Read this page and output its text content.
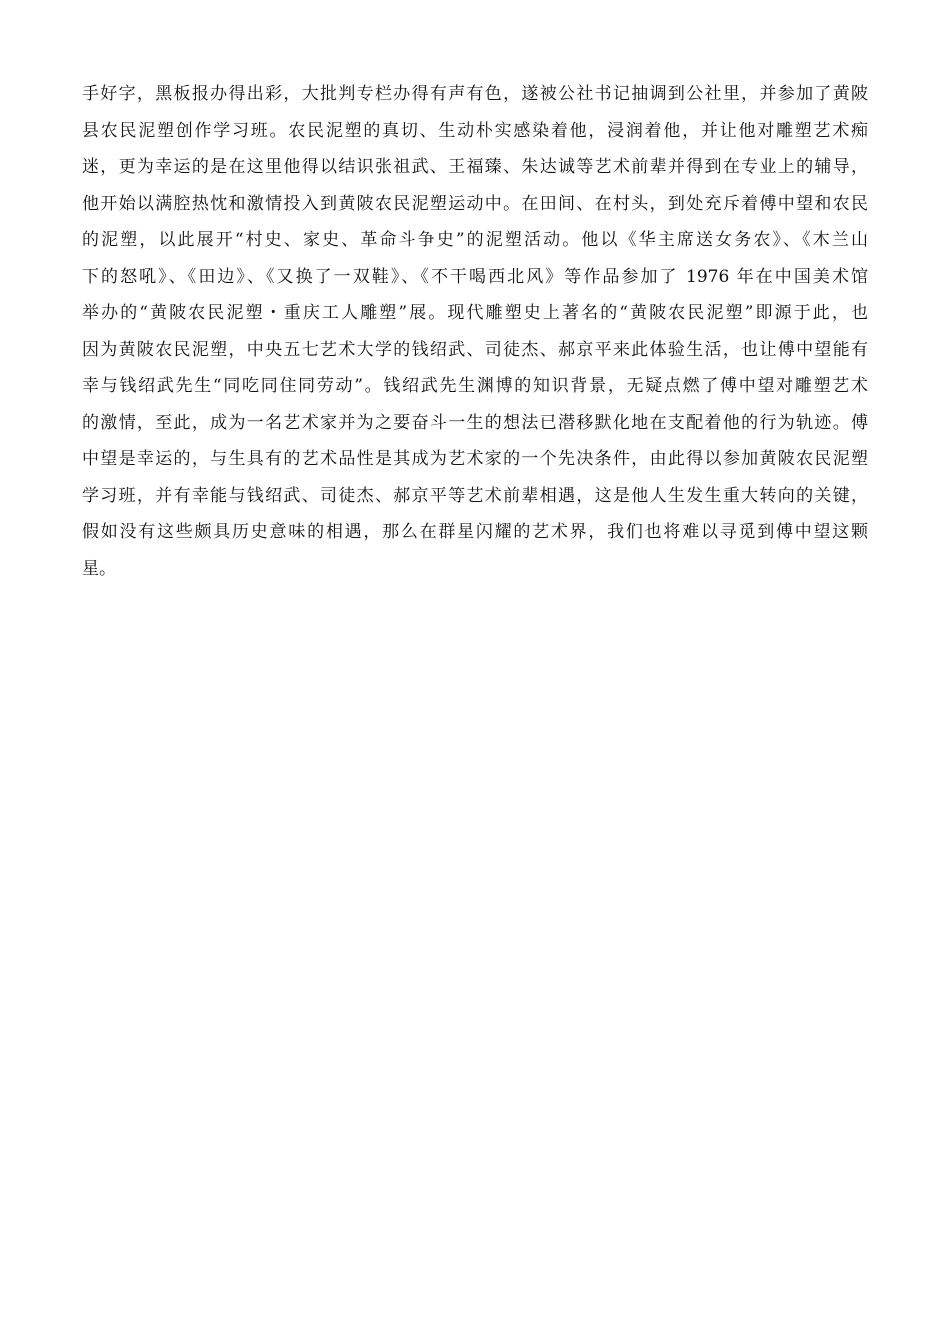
手好字，黑板报办得出彩，大批判专栏办得有声有色，遂被公社书记抽调到公社里，并参加了黄陂
县农民泥塑创作学习班。农民泥塑的真切、生动朴实感染着他，浸润着他，并让他对雕塑艺术痴
迷，更为幸运的是在这里他得以结识张祖武、王福臻、朱达诚等艺术前辈并得到在专业上的辅导，
他开始以满腔热忱和激情投入到黄陂农民泥塑运动中。在田间、在村头，到处充斥着傅中望和农民
的泥塑，以此展开“村史、家史、革命斗争史”的泥塑活动。他以《华主席送女务农》、《木兰山
下的怒吼》、《田边》、《又换了一双鞋》、《不干喝西北风》等作品参加了 1976 年在中国美术馆
举办的“黄陂农民泥塑・重庆工人雕塑”展。现代雕塑史上著名的“黄陂农民泥塑”即源于此，也
因为黄陂农民泥塑，中央五七艺术大学的钱绍武、司徒杰、郝京平来此体验生活，也让傅中望能有
幸与钱绍武先生“同吃同住同劳动”。钱绍武先生渊博的知识背景，无疑点燃了傅中望对雕塑艺术
的激情，至此，成为一名艺术家并为之要奋斗一生的想法已潜移默化地在支配着他的行为轨迹。傅
中望是幸运的，与生具有的艺术品性是其成为艺术家的一个先决条件，由此得以参加黄陂农民泥塑
学习班，并有幸能与钱绍武、司徒杰、郝京平等艺术前辈相遇，这是他人生发生重大转向的关键，
假如没有这些颇具历史意味的相遇，那么在群星闪耀的艺术界，我们也将难以寻觅到傅中望这颗
星。
